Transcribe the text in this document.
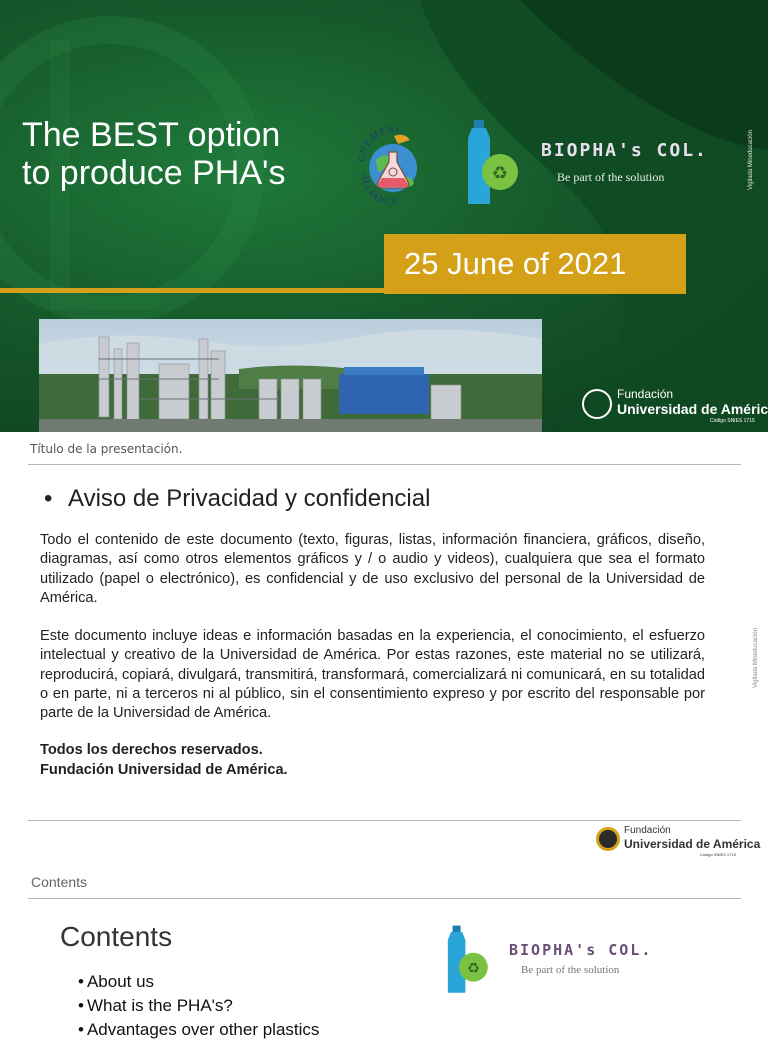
The BEST option
to produce PHA's	CHEMENG
ALLIANCE
♻
BIOPHA's COL.
Be part of the solution	Vigilada Mineducación
25 June of 2021
Fundación
Universidad de América
Código SNIES 1715
Título de la presentación.
• Aviso de Privacidad y confidencial
Todo el contenido de este documento (texto, figuras, listas, información financiera, gráficos, diseño, diagramas, así como otros elementos gráficos y / o audio y videos), cualquiera que sea el formato utilizado (papel o electrónico), es confidencial y de uso exclusivo del personal de la Universidad de América.
Este documento incluye ideas e información basadas en la experiencia, el conocimiento, el esfuerzo intelectual y creativo de la Universidad de América. Por estas razones, este material no se utilizará, reproducirá, copiará, divulgará, transmitirá, transformará, comercializará ni comunicará, en su totalidad o en parte, ni a terceros ni al público, sin el consentimiento expreso y por escrito del responsable por parte de la Universidad de América.
Todos los derechos reservados.
Fundación Universidad de América.
Fundación
Universidad de América
Código SNIES 1715
Vigilada Mineducación
Contents
Contents
• About us
• What is the PHA's?
• Advantages over other plastics
♻
BIOPHA's COL.
Be part of the solution
